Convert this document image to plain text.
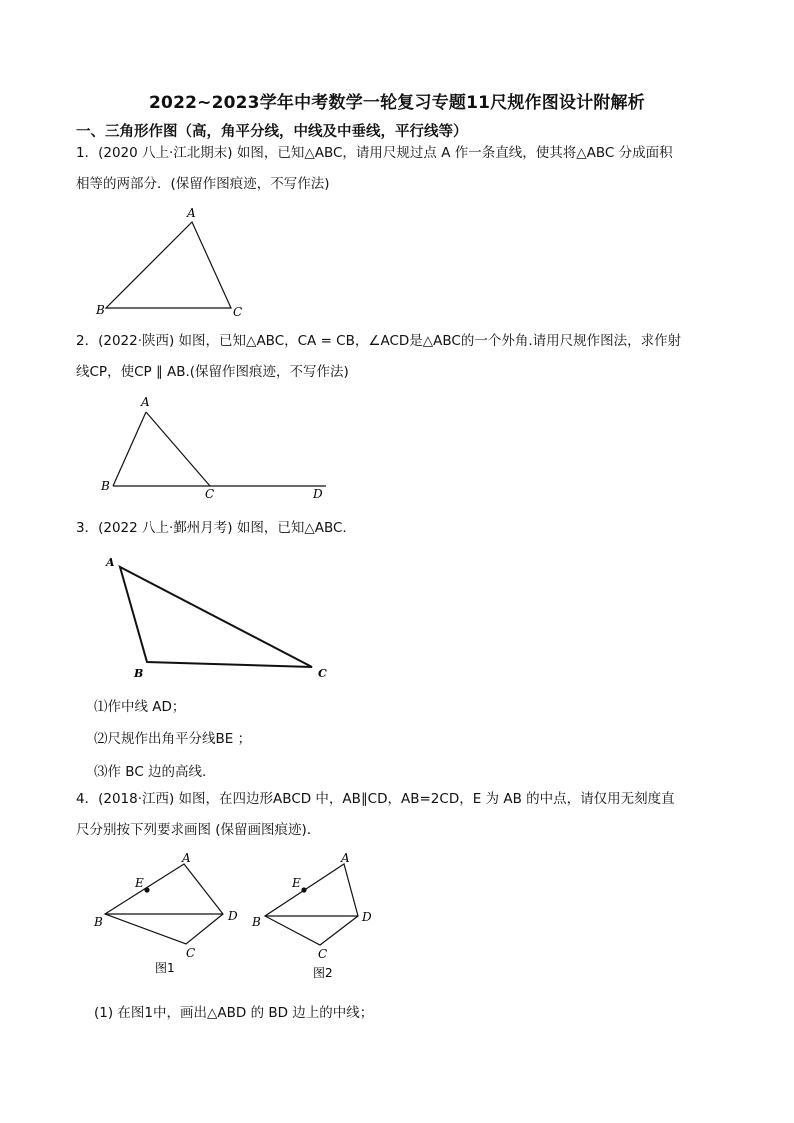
2022~2023学年中考数学一轮复习专题11尺规作图设计附解析
一、三角形作图（高，角平分线，中线及中垂线，平行线等）
1．(2020 八上·江北期末) 如图，已知△ABC，请用尺规过点 A 作一条直线，使其将△ABC 分成面积
相等的两部分．(保留作图痕迹，不写作法)
A
B	C
A
B
C	D
A
B	C
A
E
B	D
C
图1
A
E
B	D
C
图2
2．(2022·陕西) 如图，已知△ABC，CA = CB，∠ACD是△ABC的一个外角.请用尺规作图法，求作射
线CP，使CP ∥ AB.(保留作图痕迹，不写作法)
3．(2022 八上·鄞州月考) 如图，已知△ABC.
⑴作中线 AD；
⑵尺规作出角平分线BE ；
⑶作 BC 边的高线.
4．(2018·江西) 如图，在四边形ABCD 中，AB∥CD，AB=2CD，E 为 AB 的中点，请仅用无刻度直
尺分别按下列要求画图 (保留画图痕迹)．
(1) 在图1中，画出△ABD 的 BD 边上的中线；
